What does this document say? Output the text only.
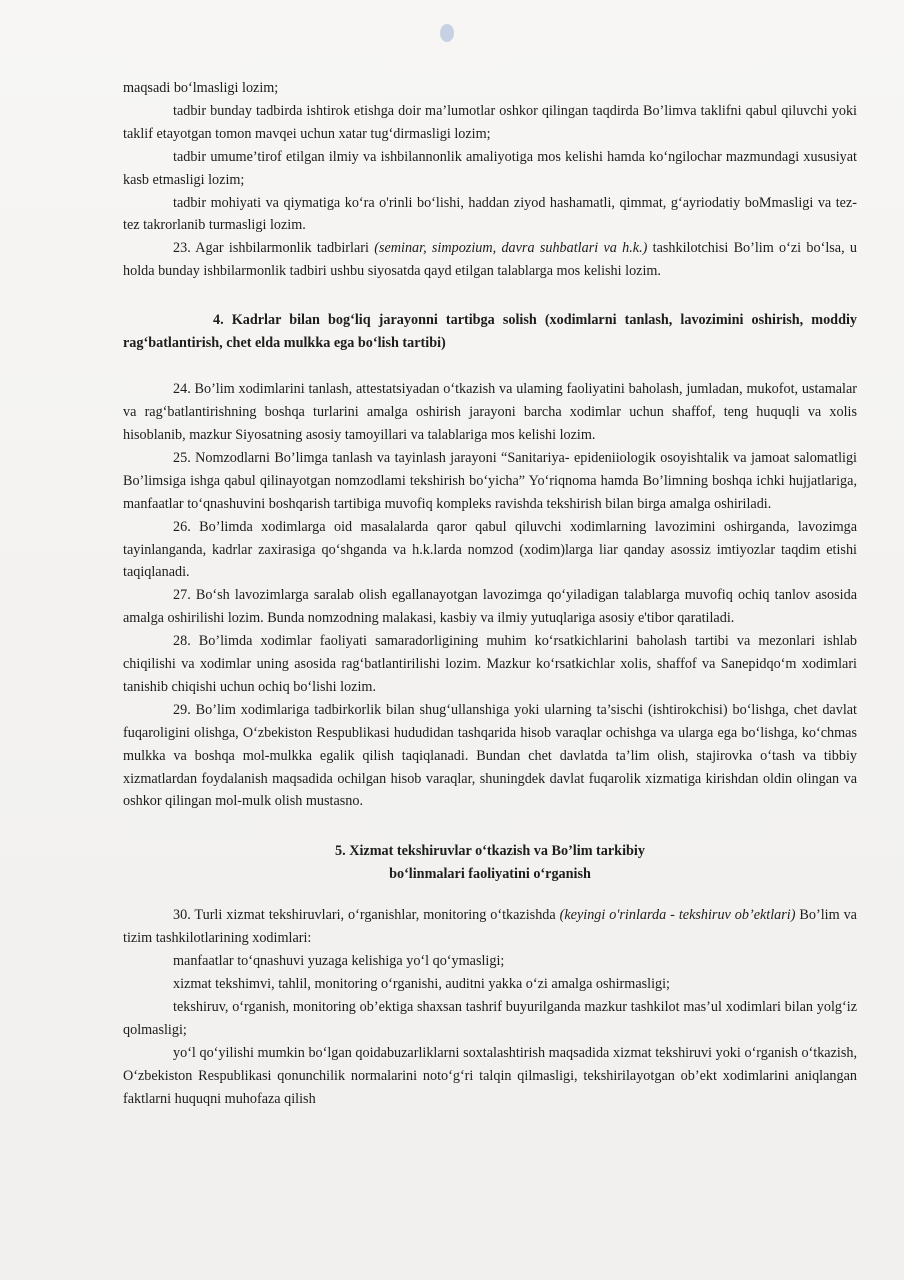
maqsadi bo‘lmasligi lozim;

tadbir bunday tadbirda ishtirok etishga doir ma’lumotlar oshkor qilingan taqdirda Bo’limva taklifni qabul qiluvchi yoki taklif etayotgan tomon mavqei uchun xatar tug‘dirmasligi lozim;

tadbir umume’tirof etilgan ilmiy va ishbilannonlik amaliyotiga mos kelishi hamda ko‘ngilochar mazmundagi xususiyat kasb etmasligi lozim;

tadbir mohiyati va qiymatiga ko‘ra o'rinli bo‘lishi, haddan ziyod hashamatli, qimmat, g‘ayriodatiy boMmasligi va tez-tez takrorlanib turmasligi lozim.

23. Agar ishbilarmonlik tadbirlari (seminar, simpozium, davra suhbatlari va h.k.) tashkilotchisi Bo’lim o‘zi bo‘lsa, u holda bunday ishbilarmonlik tadbiri ushbu siyosatda qayd etilgan talablarga mos kelishi lozim.

4. Kadrlar bilan bog‘liq jarayonni tartibga solish (xodimlarni tanlash, lavozimini oshirish, moddiy rag‘batlantirish, chet elda mulkka ega bo‘lish tartibi)

24. Bo’lim xodimlarini tanlash, attestatsiyadan o‘tkazish va ulaming faoliyatini baholash, jumladan, mukofot, ustamalar va rag‘batlantirishning boshqa turlarini amalga oshirish jarayoni barcha xodimlar uchun shaffof, teng huquqli va xolis hisoblanib, mazkur Siyosatning asosiy tamoyillari va talablariga mos kelishi lozim.

25. Nomzodlarni Bo’limga tanlash va tayinlash jarayoni “Sanitariya- epideniiologik osoyishtalik va jamoat salomatligi Bo’limsiga ishga qabul qilinayotgan nomzodlami tekshirish bo‘yicha” Yo‘riqnoma hamda Bo’limning boshqa ichki hujjatlariga, manfaatlar to‘qnashuvini boshqarish tartibiga muvofiq kompleks ravishda tekshirish bilan birga amalga oshiriladi.

26. Bo’limda xodimlarga oid masalalarda qaror qabul qiluvchi xodimlarning lavozimini oshirganda, lavozimga tayinlanganda, kadrlar zaxirasiga qo‘shganda va h.k.larda nomzod (xodim)larga liar qanday asossiz imtiyozlar taqdim etishi taqiqlanadi.

27. Bo‘sh lavozimlarga saralab olish egallanayotgan lavozimga qo‘yiladigan talablarga muvofiq ochiq tanlov asosida amalga oshirilishi lozim. Bunda nomzodning malakasi, kasbiy va ilmiy yutuqlariga asosiy e'tibor qaratiladi.

28. Bo’limda xodimlar faoliyati samaradorligining muhim ko‘rsatkichlarini baholash tartibi va mezonlari ishlab chiqilishi va xodimlar uning asosida rag‘batlantirilishi lozim. Mazkur ko‘rsatkichlar xolis, shaffof va Sanepidqo‘m xodimlari tanishib chiqishi uchun ochiq bo‘lishi lozim.

29. Bo’lim xodimlariga tadbirkorlik bilan shug‘ullanshiga yoki ularning ta’sischi (ishtirokchisi) bo‘lishga, chet davlat fuqaroligini olishga, O‘zbekiston Respublikasi hududidan tashqarida hisob varaqlar ochishga va ularga ega bo‘lishga, ko‘chmas mulkka va boshqa mol-mulkka egalik qilish taqiqlanadi. Bundan chet davlatda ta’lim olish, stajirovka o‘tash va tibbiy xizmatlardan foydalanish maqsadida ochilgan hisob varaqlar, shuningdek davlat fuqarolik xizmatiga kirishdan oldin olingan va oshkor qilingan mol-mulk olish mustasno.

5. Xizmat tekshiruvlar o‘tkazish va Bo’lim tarkibiy
bo‘linmalari faoliyatini o‘rganish

30. Turli xizmat tekshiruvlari, o‘rganishlar, monitoring o‘tkazishda (keyingi o'rinlarda - tekshiruv ob’ektlari) Bo’lim va tizim tashkilotlarining xodimlari:

manfaatlar to‘qnashuvi yuzaga kelishiga yo‘l qo‘ymasligi;

xizmat tekshimvi, tahlil, monitoring o‘rganishi, auditni yakka o‘zi amalga oshirmasligi;

tekshiruv, o‘rganish, monitoring ob’ektiga shaxsan tashrif buyurilganda mazkur tashkilot mas’ul xodimlari bilan yolg‘iz qolmasligi;

yo‘l qo‘yilishi mumkin bo‘lgan qoidabuzarliklarni soxtalashtirish maqsadida xizmat tekshiruvi yoki o‘rganish o‘tkazish, O‘zbekiston Respublikasi qonunchilik normalarini noto‘g‘ri talqin qilmasligi, tekshirilayotgan ob’ekt xodimlarini aniqlangan faktlarni huquqni muhofaza qilish
